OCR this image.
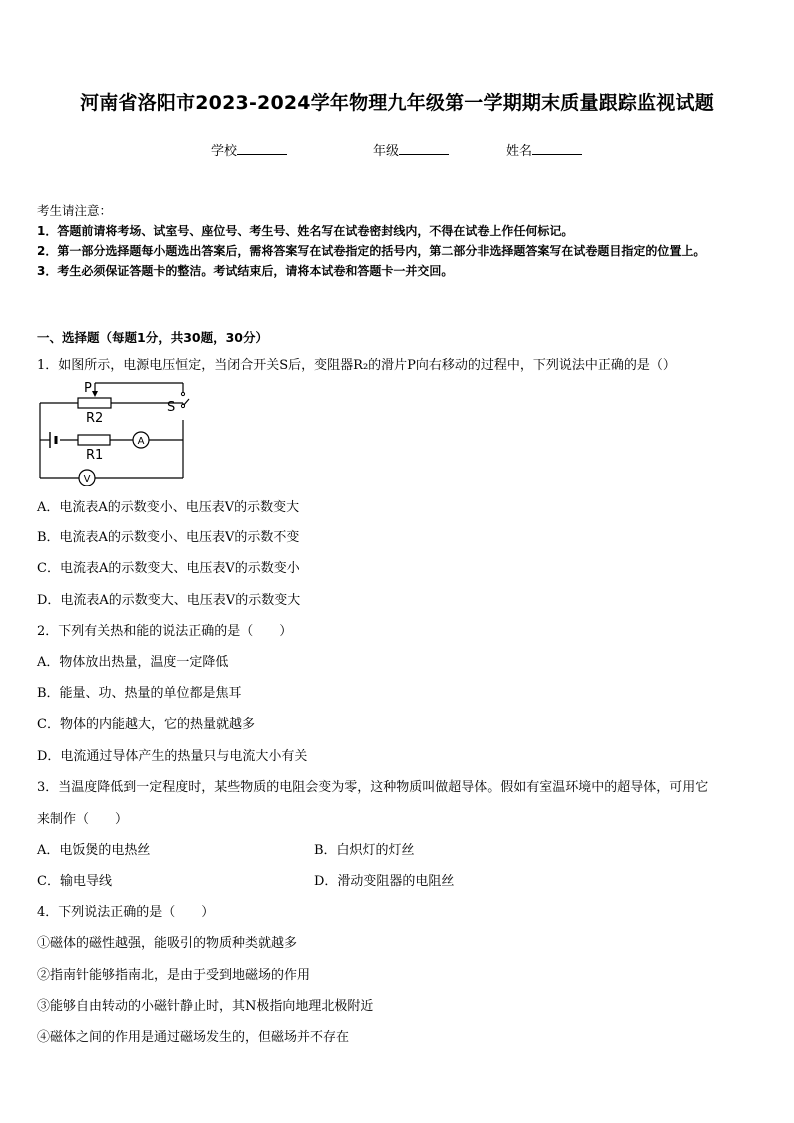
河南省洛阳市2023-2024学年物理九年级第一学期期末质量跟踪监视试题
学校	年级	姓名
考生请注意：
1．答题前请将考场、试室号、座位号、考生号、姓名写在试卷密封线内，不得在试卷上作任何标记。
2．第一部分选择题每小题选出答案后，需将答案写在试卷指定的括号内，第二部分非选择题答案写在试卷题目指定的位置上。
3．考生必须保证答题卡的整洁。考试结束后，请将本试卷和答题卡一并交回。
一、选择题（每题1分，共30题，30分）
1．如图所示，电源电压恒定，当闭合开关S后，变阻器R₂的滑片P向右移动的过程中，下列说法中正确的是（）
P
R2
S
R1
A
V
A．电流表A的示数变小、电压表V的示数变大
B．电流表A的示数变小、电压表V的示数不变
C．电流表A的示数变大、电压表V的示数变小
D．电流表A的示数变大、电压表V的示数变大
2．下列有关热和能的说法正确的是（　　）
A．物体放出热量，温度一定降低
B．能量、功、热量的单位都是焦耳
C．物体的内能越大，它的热量就越多
D．电流通过导体产生的热量只与电流大小有关
3．当温度降低到一定程度时，某些物质的电阻会变为零，这种物质叫做超导体。假如有室温环境中的超导体，可用它
来制作（　　）
A．电饭煲的电热丝	B．白炽灯的灯丝
C．输电导线	D．滑动变阻器的电阻丝
4．下列说法正确的是（　　）
①磁体的磁性越强，能吸引的物质种类就越多
②指南针能够指南北，是由于受到地磁场的作用
③能够自由转动的小磁针静止时，其N极指向地理北极附近
④磁体之间的作用是通过磁场发生的，但磁场并不存在
